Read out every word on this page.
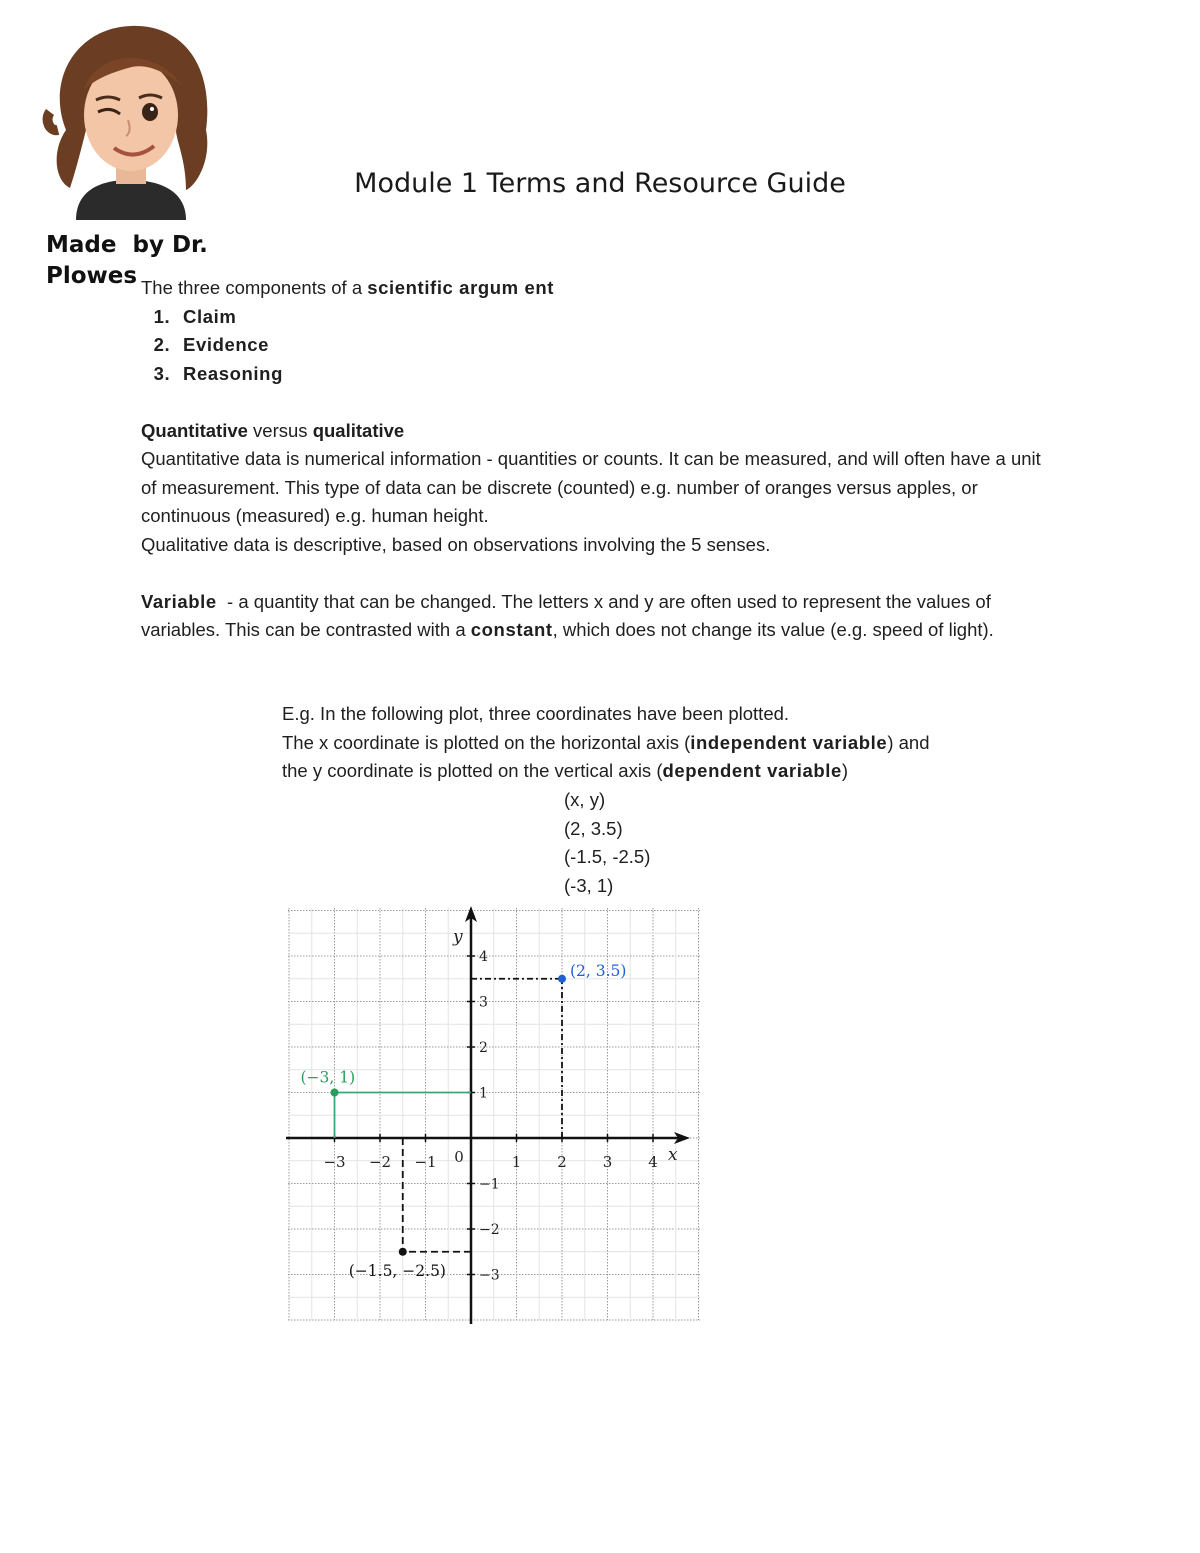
Module 1 Terms and Resource Guide
Made  by Dr.
Plowes The three components of a scientific argum ent

1. Claim
2. Evidence
3. Reasoning

Quantitative versus qualitative

Quantitative data is numerical information - quantities or counts. It can be measured, and will often have a unit of measurement. This type of data can be discrete (counted) e.g. number of oranges versus apples, or continuous (measured) e.g. human height.

Qualitative data is descriptive, based on observations involving the 5 senses.

Variable  - a quantity that can be changed. The letters x and y are often used to represent the values of variables. This can be contrasted with a constant, which does not change its value (e.g. speed of light).

E.g. In the following plot, three coordinates have been plotted.

The x coordinate is plotted on the horizontal axis (independent variable) and

the y coordinate is plotted on the vertical axis (dependent variable)

(x, y)
(2, 3.5)
(-1.5, -2.5)
(-3, 1)
−3 −2 −1	1 2 3 4
−3
−2
−1
1
2
3
4
0	x
y
(2, 3.5)
(−3, 1)
(−1.5, −2.5)
